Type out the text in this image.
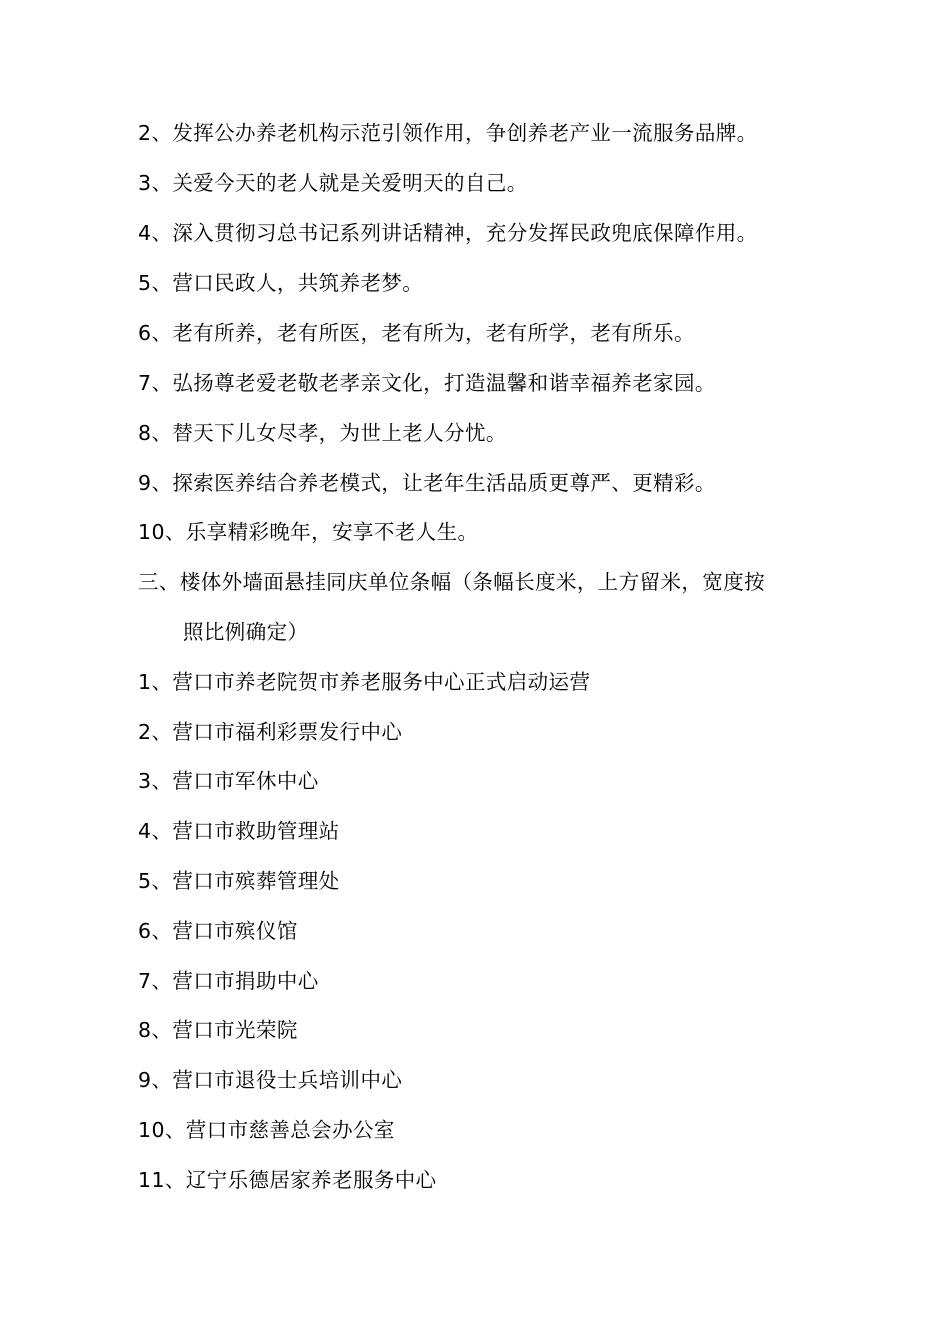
2、发挥公办养老机构示范引领作用，争创养老产业一流服务品牌。
3、关爱今天的老人就是关爱明天的自己。
4、深入贯彻习总书记系列讲话精神，充分发挥民政兜底保障作用。
5、营口民政人，共筑养老梦。
6、老有所养，老有所医，老有所为，老有所学，老有所乐。
7、弘扬尊老爱老敬老孝亲文化，打造温馨和谐幸福养老家园。
8、替天下儿女尽孝，为世上老人分忧。
9、探索医养结合养老模式，让老年生活品质更尊严、更精彩。
10、乐享精彩晚年，安享不老人生。
三、楼体外墙面悬挂同庆单位条幅（条幅长度米，上方留米，宽度按
照比例确定）
1、营口市养老院贺市养老服务中心正式启动运营
2、营口市福利彩票发行中心
3、营口市军休中心
4、营口市救助管理站
5、营口市殡葬管理处
6、营口市殡仪馆
7、营口市捐助中心
8、营口市光荣院
9、营口市退役士兵培训中心
10、营口市慈善总会办公室
11、辽宁乐德居家养老服务中心
